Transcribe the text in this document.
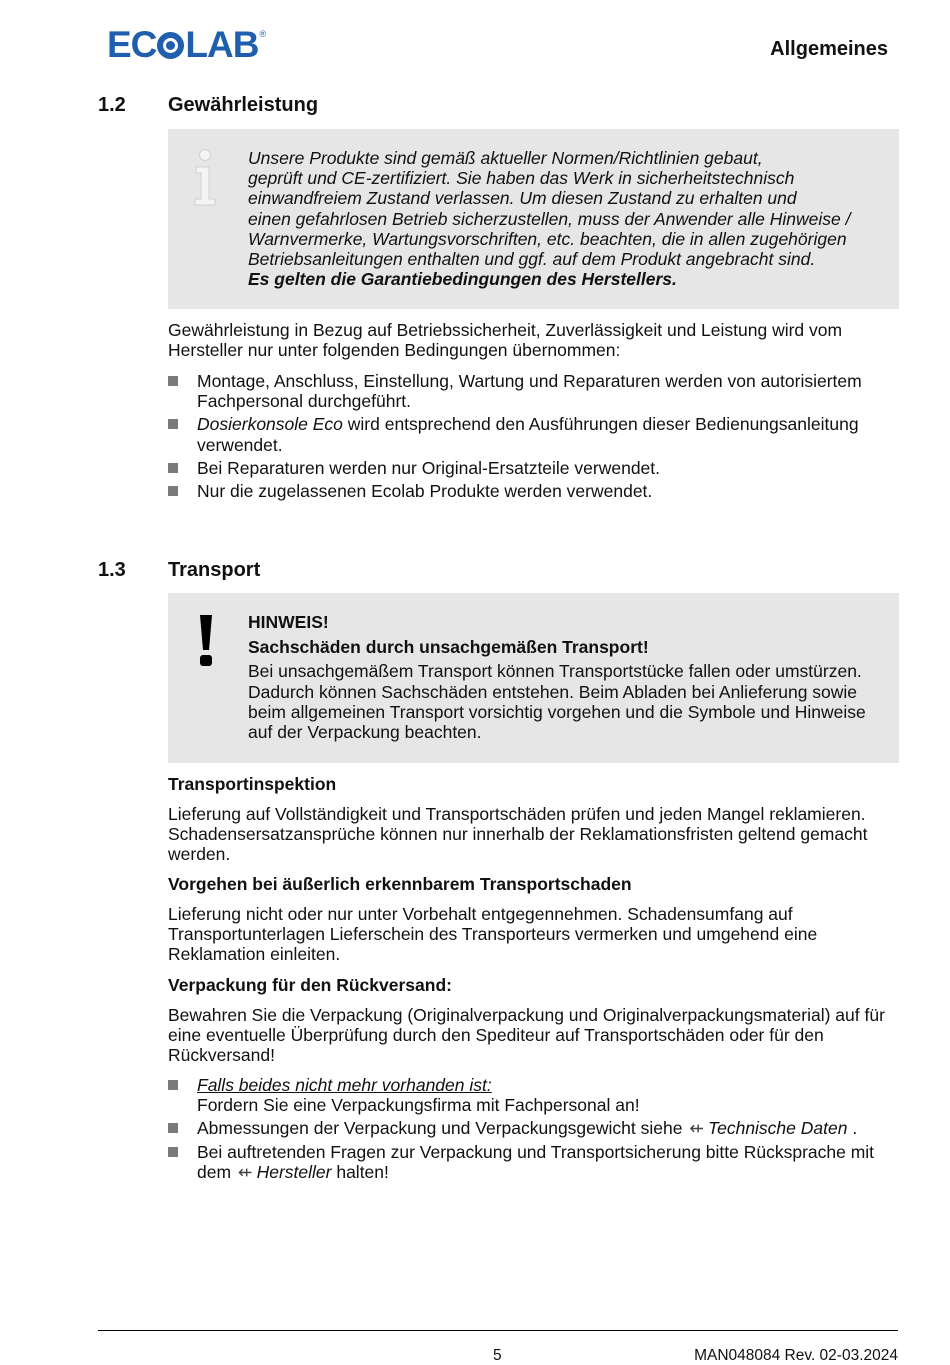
EC LAB ®
Allgemeines
1.2 Gewährleistung
Unsere Produkte sind gemäß aktueller Normen/Richtlinien gebaut,
geprüft und CE-zertifiziert. Sie haben das Werk in sicherheitstechnisch
einwandfreiem Zustand verlassen. Um diesen Zustand zu erhalten und
einen gefahrlosen Betrieb sicherzustellen, muss der Anwender alle Hinweise /
Warnvermerke, Wartungsvorschriften, etc. beachten, die in allen zugehörigen
Betriebsanleitungen enthalten und ggf. auf dem Produkt angebracht sind.
Es gelten die Garantiebedingungen des Herstellers.
Gewährleistung in Bezug auf Betriebssicherheit, Zuverlässigkeit und Leistung wird vom Hersteller nur unter folgenden Bedingungen übernommen:
Montage, Anschluss, Einstellung, Wartung und Reparaturen werden von autorisiertem Fachpersonal durchgeführt.
Dosierkonsole Eco wird entsprechend den Ausführungen dieser Bedienungsanleitung verwendet.
Bei Reparaturen werden nur Original-Ersatzteile verwendet.
Nur die zugelassenen Ecolab Produkte werden verwendet.
1.3 Transport
HINWEIS!
Sachschäden durch unsachgemäßen Transport!
Bei unsachgemäßem Transport können Transportstücke fallen oder umstürzen. Dadurch können Sachschäden entstehen. Beim Abladen bei Anlieferung sowie beim allgemeinen Transport vorsichtig vorgehen und die Symbole und Hinweise auf der Verpackung beachten.
Transportinspektion
Lieferung auf Vollständigkeit und Transportschäden prüfen und jeden Mangel reklamieren. Schadensersatzansprüche können nur innerhalb der Reklamationsfristen geltend gemacht werden.
Vorgehen bei äußerlich erkennbarem Transportschaden
Lieferung nicht oder nur unter Vorbehalt entgegennehmen. Schadensumfang auf Transportunterlagen Lieferschein des Transporteurs vermerken und umgehend eine Reklamation einleiten.
Verpackung für den Rückversand:
Bewahren Sie die Verpackung (Originalverpackung und Originalverpackungsmaterial) auf für eine eventuelle Überprüfung durch den Spediteur auf Transportschäden oder für den Rückversand!
Falls beides nicht mehr vorhanden ist:
Fordern Sie eine Verpackungsfirma mit Fachpersonal an!
Abmessungen der Verpackung und Verpackungsgewicht siehe ⇷ Technische Daten .
Bei auftretenden Fragen zur Verpackung und Transportsicherung bitte Rücksprache mit dem ⇷ Hersteller halten!
5	MAN048084 Rev. 02-03.2024
